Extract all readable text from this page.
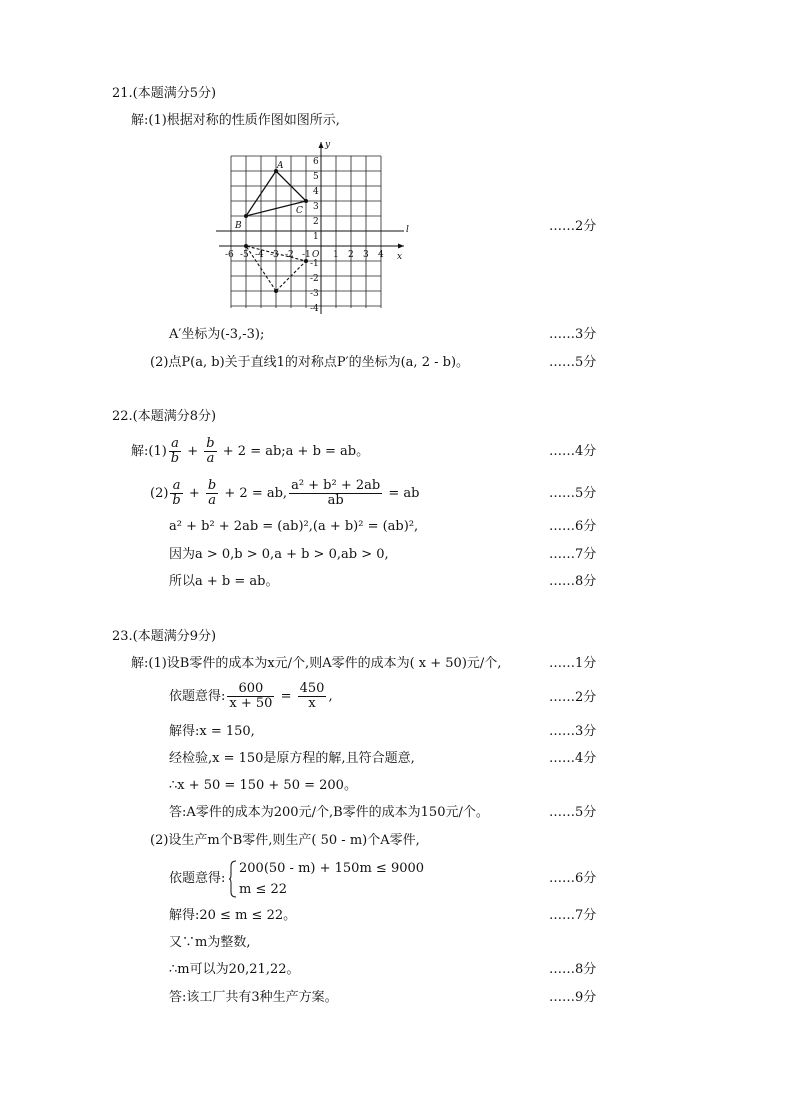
21.(本题满分5分)
解:(1)根据对称的性质作图如图所示,
A
B
C
y
x
l
-6 -5 -4 -3 -2 -1 O 1 2 3 4
6
5
4
3
2
1
-1
-2
-3
-4
……2分
A′坐标为(-3,-3);	……3分
(2)点P(a, b)关于直线1的对称点P′的坐标为(a, 2 - b)。	……5分
22.(本题满分8分)
解:(1) $\frac{a}{b} + \frac{b}{a} + 2$ = ab;a + b = ab。	……4分
$(2) \frac{a}{b} + \frac{b}{a} + 2$ = ab, $\frac{\text{a² + b² + 2ab}}{ab}$ = ab	……5分
a² + b² + 2ab = (ab)²,(a + b)² = (ab)²,	……6分
因为a > 0,b > 0,a + b > 0,ab > 0,	……7分
所以a + b = ab。	……8分
23.(本题满分9分)
解:(1)设B零件的成本为x元/个,则A零件的成本为( x + 50)元/个,	……1分
依题意得: $\frac{600}{x + 50} = \frac{450}{x}$ ,	……2分
解得:x = 150,	……3分
经检验,x = 150是原方程的解,且符合题意,	……4分
∴x + 50 = 150 + 50 = 200。
答:A零件的成本为200元/个,B零件的成本为150元/个。	……5分
(2)设生产m个B零件,则生产( 50 - m)个A零件,
依题意得:
200(50 - m) + 150m ≤ 9000
m ≤ 22
……6分
解得:20 ≤ m ≤ 22。	……7分
又∵m为整数,
∴m可以为20,21,22。	……8分
答:该工厂共有3种生产方案。	……9分
